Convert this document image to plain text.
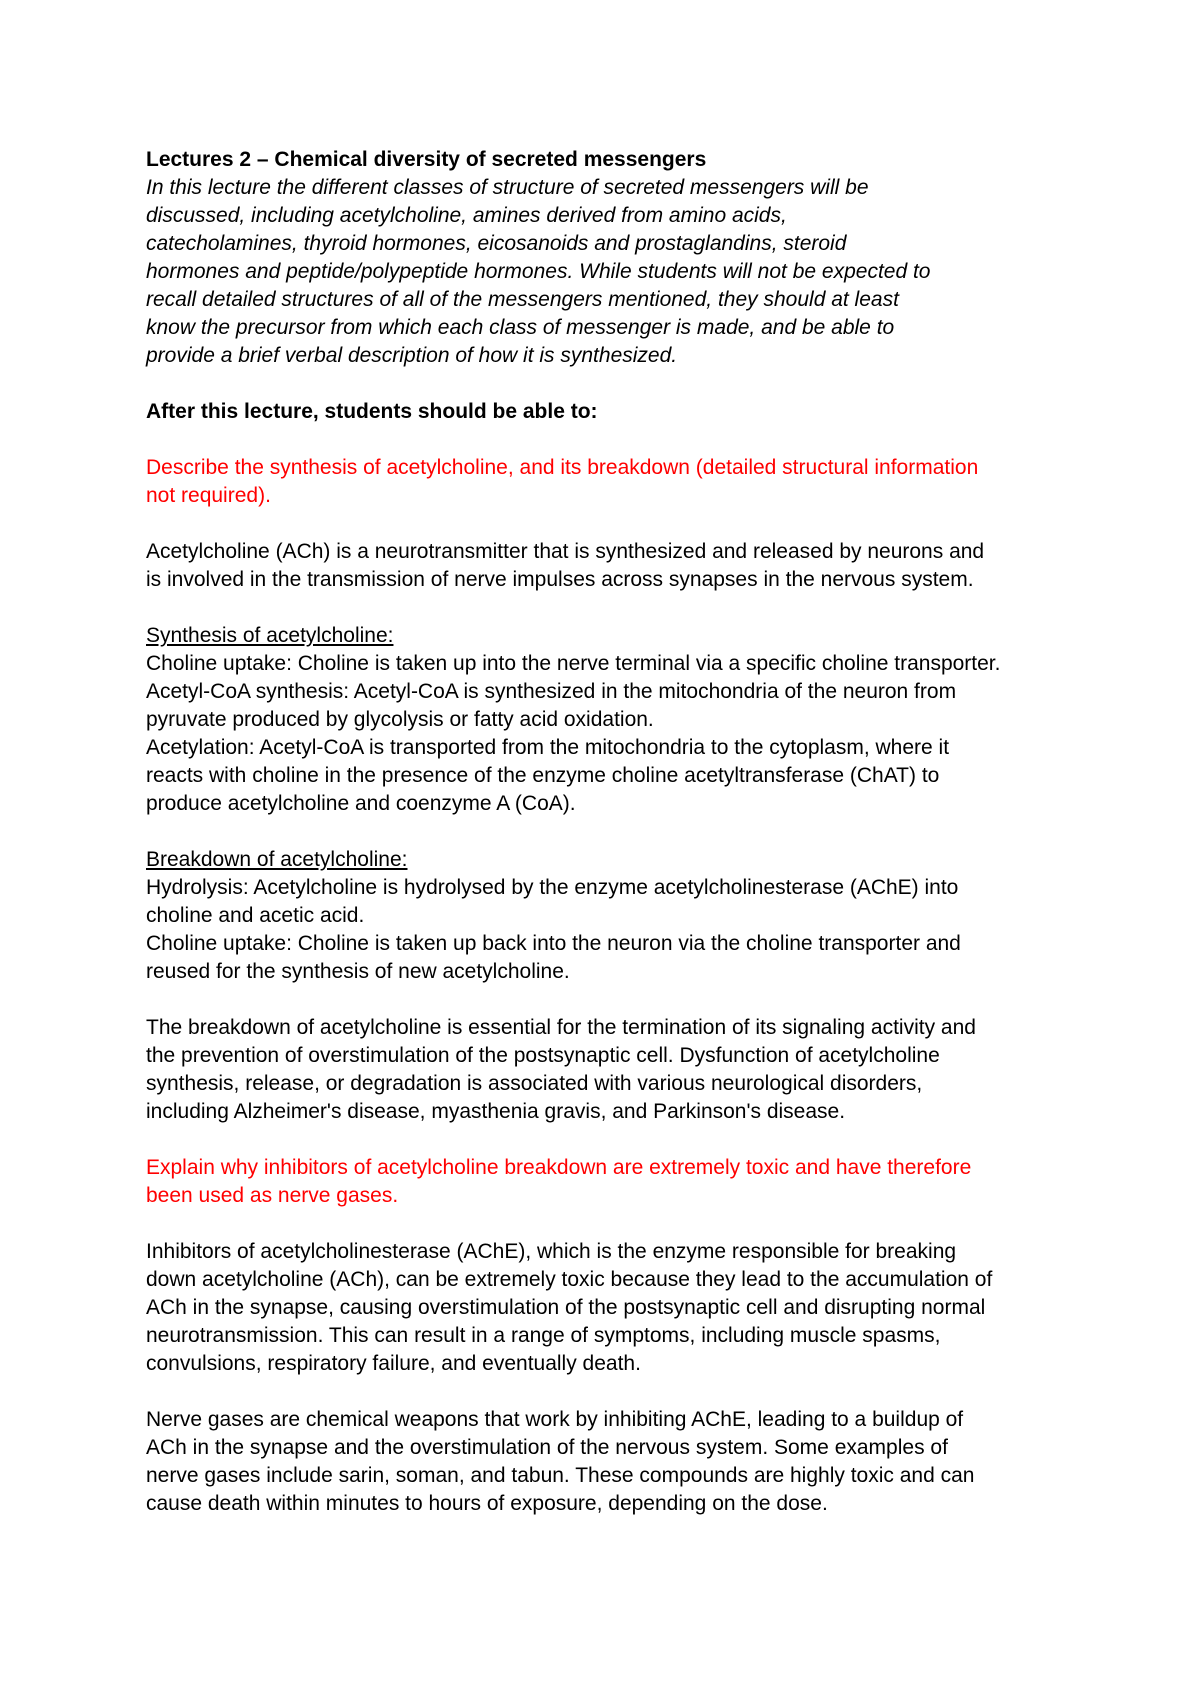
Lectures 2 – Chemical diversity of secreted messengers

In this lecture the different classes of structure of secreted messengers will be
discussed, including acetylcholine, amines derived from amino acids,
catecholamines, thyroid hormones, eicosanoids and prostaglandins, steroid
hormones and peptide/polypeptide hormones. While students will not be expected to
recall detailed structures of all of the messengers mentioned, they should at least
know the precursor from which each class of messenger is made, and be able to
provide a brief verbal description of how it is synthesized.

After this lecture, students should be able to:

Describe the synthesis of acetylcholine, and its breakdown (detailed structural information
not required).

Acetylcholine (ACh) is a neurotransmitter that is synthesized and released by neurons and
is involved in the transmission of nerve impulses across synapses in the nervous system.

Synthesis of acetylcholine:

Choline uptake: Choline is taken up into the nerve terminal via a specific choline transporter.
Acetyl-CoA synthesis: Acetyl-CoA is synthesized in the mitochondria of the neuron from
pyruvate produced by glycolysis or fatty acid oxidation.
Acetylation: Acetyl-CoA is transported from the mitochondria to the cytoplasm, where it
reacts with choline in the presence of the enzyme choline acetyltransferase (ChAT) to
produce acetylcholine and coenzyme A (CoA).

Breakdown of acetylcholine:

Hydrolysis: Acetylcholine is hydrolysed by the enzyme acetylcholinesterase (AChE) into
choline and acetic acid.
Choline uptake: Choline is taken up back into the neuron via the choline transporter and
reused for the synthesis of new acetylcholine.

The breakdown of acetylcholine is essential for the termination of its signaling activity and
the prevention of overstimulation of the postsynaptic cell. Dysfunction of acetylcholine
synthesis, release, or degradation is associated with various neurological disorders,
including Alzheimer's disease, myasthenia gravis, and Parkinson's disease.

Explain why inhibitors of acetylcholine breakdown are extremely toxic and have therefore
been used as nerve gases.

Inhibitors of acetylcholinesterase (AChE), which is the enzyme responsible for breaking
down acetylcholine (ACh), can be extremely toxic because they lead to the accumulation of
ACh in the synapse, causing overstimulation of the postsynaptic cell and disrupting normal
neurotransmission. This can result in a range of symptoms, including muscle spasms,
convulsions, respiratory failure, and eventually death.

Nerve gases are chemical weapons that work by inhibiting AChE, leading to a buildup of
ACh in the synapse and the overstimulation of the nervous system. Some examples of
nerve gases include sarin, soman, and tabun. These compounds are highly toxic and can
cause death within minutes to hours of exposure, depending on the dose.
